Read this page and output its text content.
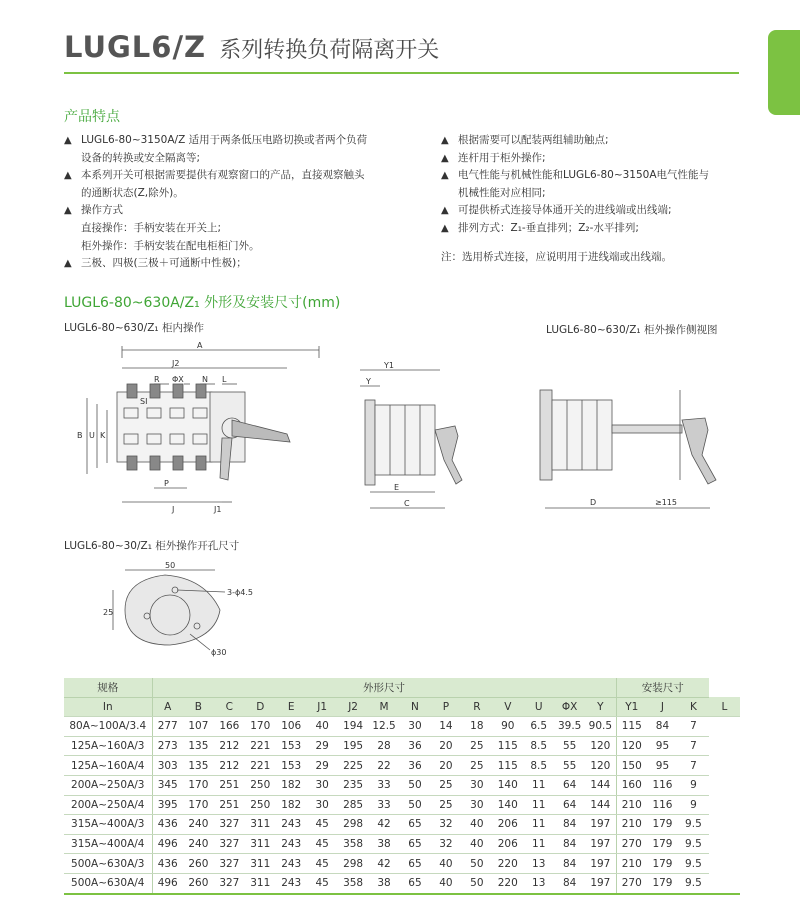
LUGL6/Z 系列转换负荷隔离开关
产品特点
▲ LUGL6-80~3150A/Z 适用于两条低压电路切换或者两个负荷
设备的转换或安全隔离等;
▲ 本系列开关可根据需要提供有观察窗口的产品，直接观察触头
的通断状态(Z,除外)。
▲ 操作方式
直接操作：手柄安装在开关上;
柜外操作：手柄安装在配电柜柜门外。
▲ 三极、四极(三极＋可通断中性极)；
▲ 根据需要可以配装两组辅助触点;
▲ 连杆用于柜外操作;
▲ 电气性能与机械性能和LUGL6-80~3150A电气性能与
机械性能对应相同;
▲ 可提供桥式连接导体通开关的进线端或出线端;
▲ 排列方式：Z₁-垂直排列；Z₂-水平排列;
注：选用桥式连接，应说明用于进线端或出线端。
LUGL6-80~630A/Z₁ 外形及安装尺寸(mm)
LUGL6-80~630/Z₁ 柜内操作	LUGL6-80~630/Z₁ 柜外操作侧视图
LUGL6-80~30/Z₁ 柜外操作开孔尺寸
A
J2
R ΦX N L
SI
B U K
P
J	J1
Y1
Y
E
C	D	≥115
50
25
3-ϕ4.5
ϕ30
规格	外形尺寸															安装尺寸			
In	A	B	C	D	E	J1	J2	M	N	P	R	V	U	ΦX	Y	Y1	J	K	L
80A~100A/3.4	277	107	166	170	106	40	194	12.5	30	14	18	90	6.5	39.5	90.5	115	84	7	
125A~160A/3	273	135	212	221	153	29	195	28	36	20	25	115	8.5	55	120	120	95	7	
125A~160A/4	303	135	212	221	153	29	225	22	36	20	25	115	8.5	55	120	150	95	7	
200A~250A/3	345	170	251	250	182	30	235	33	50	25	30	140	11	64	144	160	116	9	
200A~250A/4	395	170	251	250	182	30	285	33	50	25	30	140	11	64	144	210	116	9	
315A~400A/3	436	240	327	311	243	45	298	42	65	32	40	206	11	84	197	210	179	9.5	
315A~400A/4	496	240	327	311	243	45	358	38	65	32	40	206	11	84	197	270	179	9.5	
500A~630A/3	436	260	327	311	243	45	298	42	65	40	50	220	13	84	197	210	179	9.5	
500A~630A/4	496	260	327	311	243	45	358	38	65	40	50	220	13	84	197	270	179	9.5	
